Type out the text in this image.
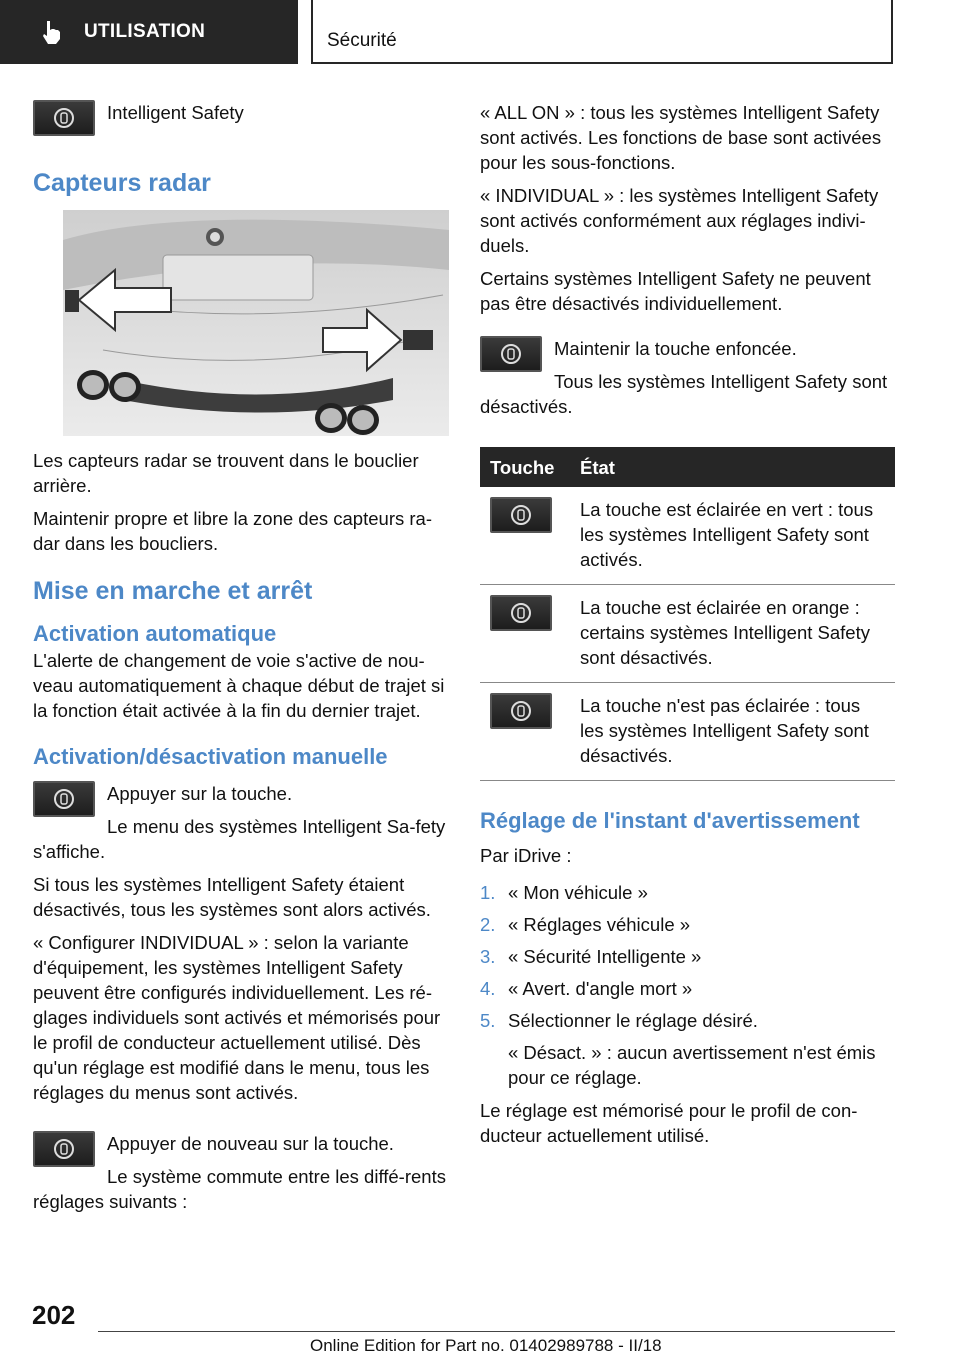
UTILISATION	Sécurité

Intelligent Safety

Capteurs radar

Les capteurs radar se trouvent dans le bouclier arrière.

Maintenir propre et libre la zone des capteurs ra‐dar dans les boucliers.

Mise en marche et arrêt
Activation automatique

L'alerte de changement de voie s'active de nou‐veau automatiquement à chaque début de trajet si la fonction était activée à la fin du dernier trajet.

Activation/désactivation manuelle

Appuyer sur la touche.

Le menu des systèmes Intelligent Sa‐fety s'affiche.

Si tous les systèmes Intelligent Safety étaient désactivés, tous les systèmes sont alors activés.

« Configurer INDIVIDUAL » : selon la variante d'équipement, les systèmes Intelligent Safety peuvent être configurés individuellement. Les ré‐glages individuels sont activés et mémorisés pour le profil de conducteur actuellement utilisé. Dès qu'un réglage est modifié dans le menu, tous les réglages du menus sont activés.

Appuyer de nouveau sur la touche.

Le système commute entre les diffé‐rents réglages suivants :

« ALL ON » : tous les systèmes Intelligent Safety sont activés. Les fonctions de base sont activées pour les sous-fonctions.

« INDIVIDUAL » : les systèmes Intelligent Safety sont activés conformément aux réglages indivi‐duels.

Certains systèmes Intelligent Safety ne peuvent pas être désactivés individuellement.

Maintenir la touche enfoncée.

Tous les systèmes Intelligent Safety sont désactivés.

Touche	État

	La touche est éclairée en vert : tous les systèmes Intelligent Safety sont activés.

	La touche est éclairée en orange : certains systèmes Intelligent Safety sont désactivés.

	La touche n'est pas éclairée : tous les systèmes Intelligent Safety sont désactivés.
Réglage de l'instant d'avertissement

Par iDrive :

1. « Mon véhicule »
2. « Réglages véhicule »
3. « Sécurité Intelligente »
4. « Avert. d'angle mort »
5. Sélectionner le réglage désiré.

« Désact. » : aucun avertissement n'est émis pour ce réglage.

Le réglage est mémorisé pour le profil de con‐ducteur actuellement utilisé.

202
Online Edition for Part no. 01402989788 - II/18
